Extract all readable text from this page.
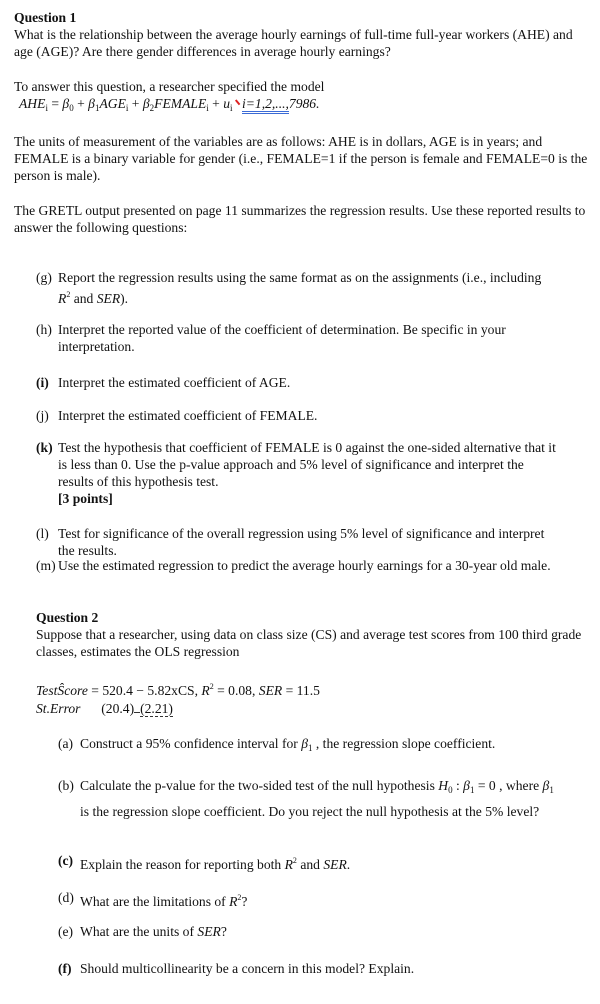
Question 1
What is the relationship between the average hourly earnings of full-time full-year workers (AHE) and age (AGE)? Are there gender differences in average hourly earnings?
To answer this question, a researcher specified the model
$AHE_i = \beta_0 + \beta_1AGE_i$ + $\beta_2FEMALE_i + u_i$ i=1,2,...,7986.
The units of measurement of the variables are as follows: AHE is in dollars, AGE is in years; and FEMALE is a binary variable for gender (i.e., FEMALE=1 if the person is female and FEMALE=0 is the person is male).
The GRETL output presented on page 11 summarizes the regression results. Use these reported results to answer the following questions:
(g) Report the regression results using the same format as on the assignments (i.e., including $R^2$ and SER).
(h) Interpret the reported value of the coefficient of determination. Be specific in your interpretation.
(i) Interpret the estimated coefficient of AGE.
(j) Interpret the estimated coefficient of FEMALE.
(k) Test the hypothesis that coefficient of FEMALE is 0 against the one-sided alternative that it is less than 0. Use the p-value approach and 5% level of significance and interpret the results of this hypothesis test.
[3 points]
(l) Test for significance of the overall regression using 5% level of significance and interpret the results.
(m) Use the estimated regression to predict the average hourly earnings for a 30-year old male.
Question 2
Suppose that a researcher, using data on class size (CS) and average test scores from 100 third grade classes, estimates the OLS regression
TestŜcore = 520.4 − 5.82xCS, $R^2 = 0.08$, SER = 11.5
St.Error (20.4) (2.21)
(a) Construct a 95% confidence interval for $\beta_1$ , the regression slope coefficient.
(b) Calculate the p-value for the two-sided test of the null hypothesis $H_0$ : $\beta_1 = 0$ , where $\beta_1$ is the regression slope coefficient. Do you reject the null hypothesis at the 5% level?
(c) Explain the reason for reporting both $R^2$ and SER.
(d) What are the limitations of $R^2$?
(e) What are the units of SER?
(f) Should multicollinearity be a concern in this model? Explain.
